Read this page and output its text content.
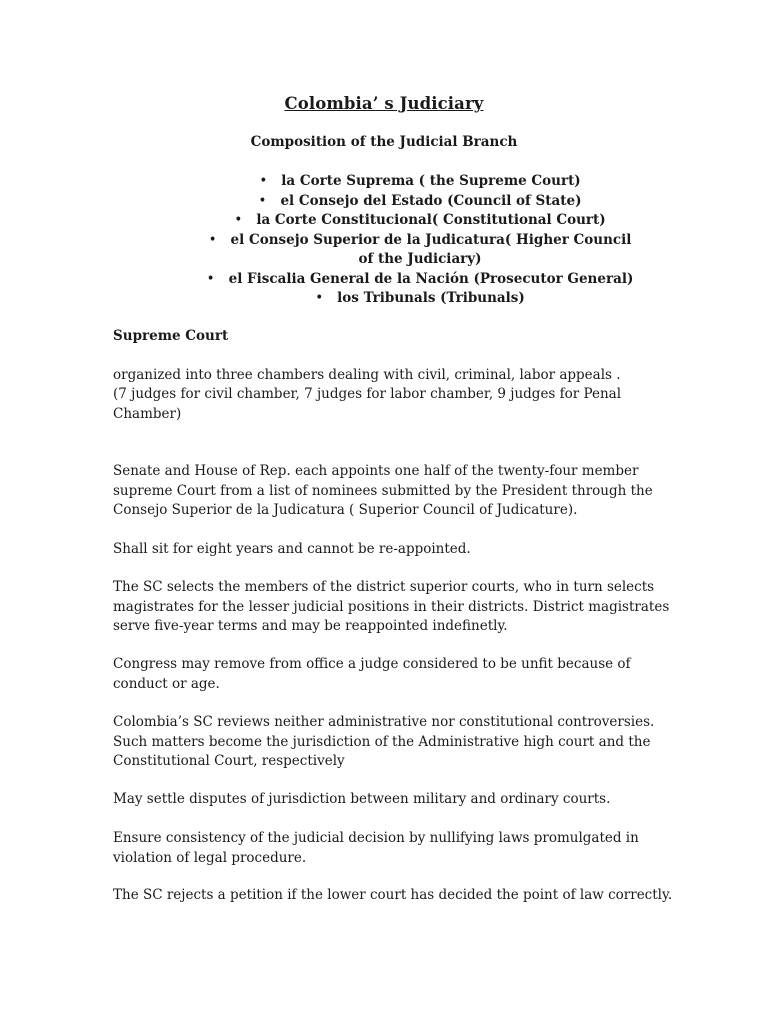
Colombia’ s Judiciary
Composition of the Judicial Branch
• la Corte Suprema ( the Supreme Court)
• el Consejo del Estado (Council of State)
• la Corte Constitucional( Constitutional Court)
• el Consejo Superior de la Judicatura( Higher Council of the Judiciary)
• el Fiscalia General de la Nación (Prosecutor General)
• los Tribunals (Tribunals)
Supreme Court

organized into three chambers dealing with civil, criminal, labor appeals .

(7 judges for civil chamber, 7 judges for labor chamber, 9 judges for Penal Chamber)

Senate and House of Rep. each appoints one half of the twenty-four member supreme Court from a list of nominees submitted by the President through the Consejo Superior de la Judicatura ( Superior Council of Judicature).

Shall sit for eight years and cannot be re-appointed.

The SC selects the members of the district superior courts, who in turn selects magistrates for the lesser judicial positions in their districts. District magistrates serve five-year terms and may be reappointed indefinetly.

Congress may remove from office a judge considered to be unfit because of conduct or age.

Colombia’s SC reviews neither administrative nor constitutional controversies. Such matters become the jurisdiction of the Administrative high court and the Constitutional Court, respectively

May settle disputes of jurisdiction between military and ordinary courts.

Ensure consistency of the judicial decision by nullifying laws promulgated in violation of legal procedure.

The SC rejects a petition if the lower court has decided the point of law correctly.
